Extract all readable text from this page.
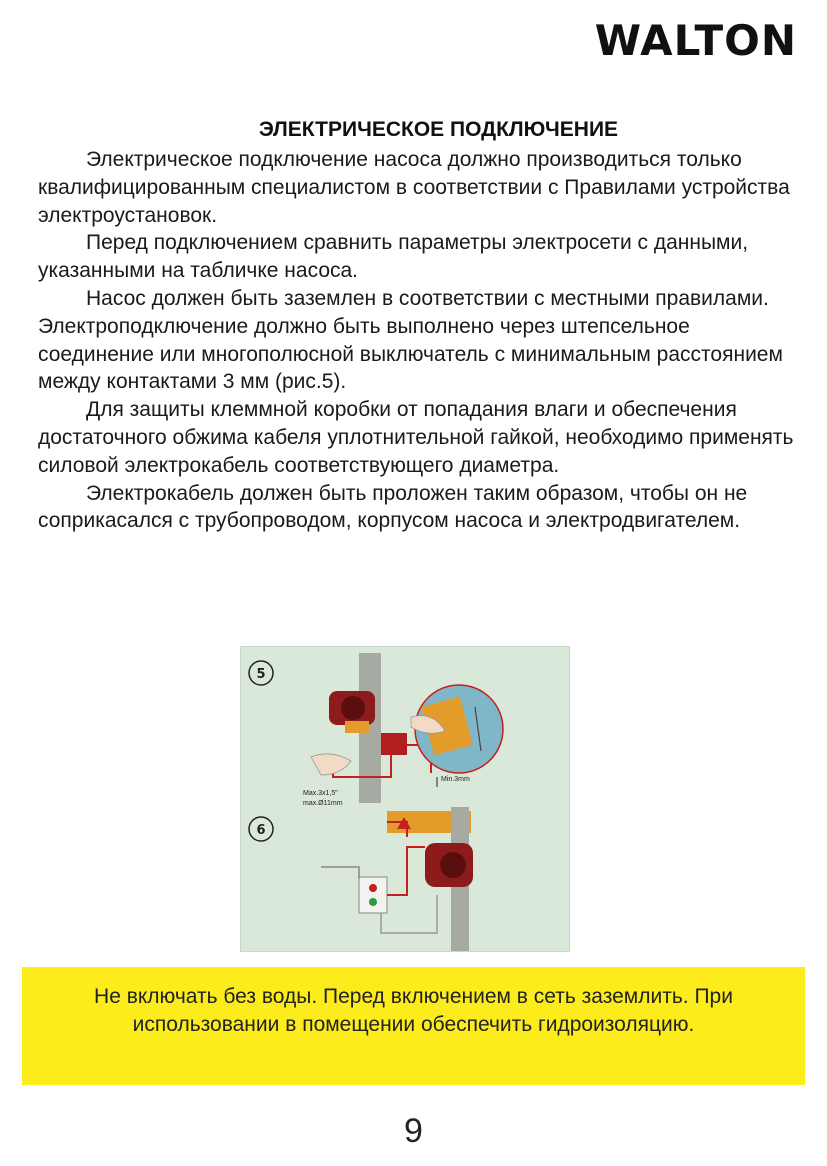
WALTON
ЭЛЕКТРИЧЕСКОЕ ПОДКЛЮЧЕНИЕ

Электрическое подключение насоса должно производиться только квалифицированным специалистом в соответствии с Правилами устройства электроустановок.

Перед подключением сравнить параметры электросети с данными, указанными на табличке насоса.

Насос должен быть заземлен в соответствии с местными правилами. Электроподключение должно быть выполнено через штепсельное соединение или многополюсной выключатель с минимальным расстоянием между контактами 3 мм (рис.5).

Для защиты клеммной коробки от попадания влаги и обеспечения достаточного обжима кабеля уплотнительной гайкой, необходимо применять силовой электрокабель соответствующего диаметра.

Электрокабель должен быть проложен таким образом, чтобы он не соприкасался с трубопроводом, корпусом насоса и электродвигателем.

5
Max.3x1,5"
max.Ø11mm
Min.3mm
6
Не включать без воды. Перед включением в сеть заземлить. При использовании в помещении обеспечить гидроизоляцию.
9
